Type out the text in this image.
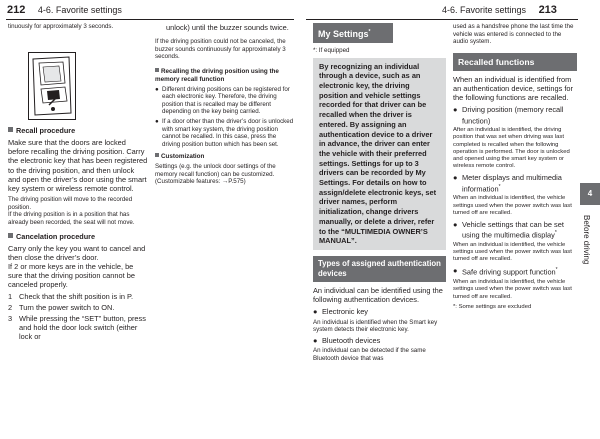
212 4-6. Favorite settings	4-6. Favorite settings 213
4
Before driving
tinuously for approximately 3 seconds.
Recall procedure
Make sure that the doors are locked before recalling the driving position. Carry the electronic key that has been registered to the driving position, and then unlock and open the driver’s door using the smart key system or wireless remote control.
The driving position will move to the recorded position.
If the driving position is in a position that has already been recorded, the seat will not move.
Cancelation procedure
Carry only the key you want to cancel and then close the driver’s door.
If 2 or more keys are in the vehicle, be sure that the driving position cannot be canceled properly.
1 Check that the shift position is in P.
2 Turn the power switch to ON.
3 While pressing the “SET” button, press and hold the door lock switch (either lock or
unlock) until the buzzer sounds twice.
If the driving position could not be canceled, the buzzer sounds continuously for approximately 3 seconds.
Recalling the driving position using the memory recall function
● Different driving positions can be registered for each electronic key. Therefore, the driving position that is recalled may be different depending on the key being carried.
● If a door other than the driver’s door is unlocked with smart key system, the driving position cannot be recalled. In this case, press the driving position button which has been set.
Customization
Settings (e.g. the unlock door settings of the memory recall function) can be customized. (Customizable features: →P.575)
My Settings*
*: If equipped
By recognizing an individual through a device, such as an electronic key, the driving position and vehicle settings recorded for that driver can be recalled when the driver is entered. By assigning an authentication device to a driver in advance, the driver can enter the vehicle with their preferred settings. Settings for up to 3 drivers can be recorded by My Settings. For details on how to assign/delete electronic keys, set driver names, perform initialization, change drivers manually, or delete a driver, refer to the “MULTIMEDIA OWNER’S MANUAL”.
Types of assigned authentication devices
An individual can be identified using the following authentication devices.
● Electronic key
An individual is identified when the Smart key system detects their electronic key.
● Bluetooth devices
An individual can be detected if the same Bluetooth device that was
used as a handsfree phone the last time the vehicle was entered is connected to the audio system.
Recalled functions
When an individual is identified from an authentication device, settings for the following functions are recalled.
● Driving position (memory recall function)
After an individual is identified, the driving position that was set when driving was last completed is recalled when the following operation is performed. The door is unlocked and opened using the smart key system or wireless remote control.
● Meter displays and multimedia information*
When an individual is identified, the vehicle settings used when the power switch was last turned off are recalled.
● Vehicle settings that can be set using the multimedia display*
When an individual is identified, the vehicle settings used when the power switch was last turned off are recalled.
● Safe driving support function*
When an individual is identified, the vehicle settings used when the power switch was last turned off are recalled.
*: Some settings are excluded
